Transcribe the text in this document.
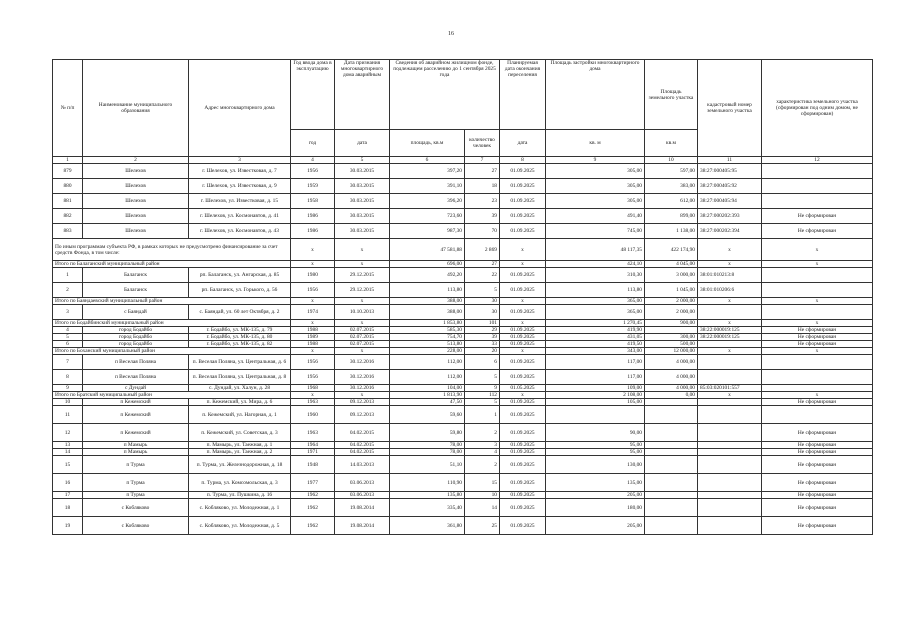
16
№ п/п	Наименование муниципального образования	Адрес многоквартирного дома	Год ввода дома в эксплуатацию	Дата признания многоквартирного дома аварийным	Сведения об аварийном жилищном фонде, подлежащем расселению до 1 сентября 2025 года		Планируемая дата окончания переселения	Площадь застройки многоквартирного дома	Площадь земельного участка	кадастровый номер земельного участка	характеристика земельного участка (сформирован под одним домом, не сформирован)
			год	дата	площадь, кв.м	количество человек	дата	кв. м	кв.м		
1	2	3	4	5	6	7	8	9	10	11	12
879	Шелехов	г. Шелехов, ул. Известковая, д. 7	1956	30.03.2015	397,20	27	01.09.2025	305,00	597,00	38:27:000405:95	
880	Шелехов	г. Шелехов, ул. Известковая, д. 9	1959	30.03.2015	391,10	18	01.09.2025	305,00	383,00	38:27:000405:92	
881	Шелехов	г. Шелехов, ул. Известковая, д. 15	1958	30.03.2015	396,20	23	01.09.2025	305,00	612,00	38:27:000405:94	
882	Шелехов	г. Шелехов, ул. Космонавтов, д. 41	1986	30.03.2015	723,60	39	01.09.2025	491,40	899,00	38:27:000202:393	Не сформирован
883	Шелехов	г. Шелехов, ул. Космонавтов, д. 43	1986	30.03.2015	987,30	70	01.09.2025	745,00	1 138,00	38:27:000202:394	Не сформирован
По иным программам субъекта РФ, в рамках которых не предусмотрено финансирование за счет средств Фонда, в том числе:			x	x	47 581,88	2 869	x	48 117,35	422 174,90	x	x
Итого по Балаганский муниципальный район			x	x	696,00	27	x	424,10	4 045,00	x	x
1	Балаганск	рп. Балаганск, ул. Ангарская, д. 85	1980	29.12.2015	492,20	22	01.09.2025	310,30	3 000,00	38:01:010213:8	
2	Балаганск	рп. Балаганск, ул. Горького, д. 56	1956	29.12.2015	113,80	5	01.09.2025	113,80	1 045,00	38:01:010206:6	
Итого по Баяндаевский муниципальный район			x	x	388,00	30	x	365,00	2 000,00	x	x
3	с Баяндай	с. Баяндай, ул. 60 лет Октября, д. 2	1974	10.10.2013	388,00	30	01.09.2025	365,00	2 000,00		
Итого по Бодайбинский муниципальный район			x	x	1 853,80	101	x	1 270,45	900,00	x	x
4	город Бодайбо	г. Бодайбо, ул. МК-135, д. 79	1988	02.07.2015	585,30	29	01.09.2025	419,90		38:22:000019:125	Не сформирован
5	город Бодайбо	г. Бодайбо, ул. МК-135, д. 80	1989	02.07.2015	754,70	39	01.09.2025	431,05	300,00	38:22:000019:125	Не сформирован
6	город Бодайбо	г. Бодайбо, ул. МК-135, д. 82	1988	02.07.2015	513,80	33	01.09.2025	419,50	500,00		Не сформирован
Итого по Боханский муниципальный район			x	x	228,00	20	x	343,00	12 000,00	x	x
7	п Веселая Поляна	п. Веселая Поляна, ул. Центральная, д. 6	1956	30.12.2016	112,00	6	01.09.2025	117,00	4 000,00		
8	п Веселая Поляна	п. Веселая Поляна, ул. Центральная, д. 8	1956	30.12.2016	112,00	5	01.09.2025	117,00	4 000,00		
9	с Дундай	с. Дундай, ул. Халун, д. 28	1968	30.12.2016	104,00	9	01.05.2025	109,00	4 000,00	85:03:020101:557	
Итого по Братский муниципальный район			x	x	1 813,90	112	x	2 108,00	0,00	x	x
10	п Кежемский	п. Кежемский, ул. Мира, д. 6	1963	09.12.2013	47,50	5	01.09.2025	105,00			Не сформирован
11	п Кежемский	п. Кежемский, ул. Нагорная, д. 1	1960	09.12.2013	59,60	1	01.09.2025				
12	п Кежемский	п. Кежемский, ул. Советская, д. 3	1963	04.02.2015	59,80	2	01.09.2025	90,00			Не сформирован
13	п Мамырь	п. Мамырь, ул. Таежная, д. 1	1964	04.02.2015	78,00	3	01.09.2025	95,00			Не сформирован
14	п Мамырь	п. Мамырь, ул. Таежная, д. 2	1971	04.02.2015	78,00	4	01.09.2025	95,00			Не сформирован
15	п Турма	п. Турма, ул. Железнодорожная, д. 18	1948	14.03.2013	51,10	2	01.09.2025	130,00			Не сформирован
16	п Турма	п. Турма, ул. Комсомольская, д. 3	1977	03.06.2013	110,90	15	01.09.2025	135,00			Не сформирован
17	п Турма	п. Турма, ул. Пушкина, д. 16	1962	03.06.2013	135,80	10	01.09.2025	205,00			Не сформирован
18	с Кобляково	с. Кобляково, ул. Молодежная, д. 1	1962	19.08.2014	335,40	14	01.09.2025	180,00			Не сформирован
19	с Кобляково	с. Кобляково, ул. Молодежная, д. 5	1962	19.08.2014	361,80	25	01.09.2025	205,00			Не сформирован
